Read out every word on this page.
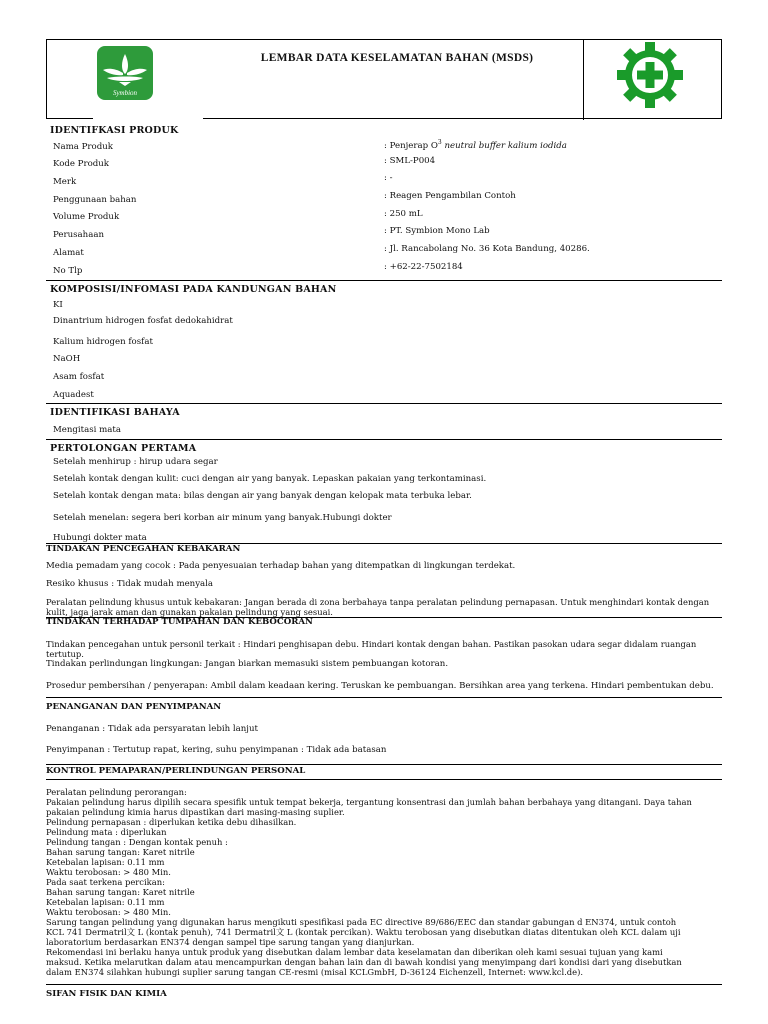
Symbion
LEMBAR DATA KESELAMATAN BAHAN (MSDS)
IDENTIFKASI PRODUK
Nama Produk	: Penjerap $O^3$ neutral buffer kalium iodida
Kode Produk	: SML-P004
Merk	: -
Penggunaan bahan	: Reagen Pengambilan Contoh
Volume Produk	: 250 mL
Perusahaan	: PT. Symbion Mono Lab
Alamat	: Jl. Rancabolang No. 36 Kota Bandung, 40286.
No Tlp	: +62-22-7502184
KOMPOSISI/INFOMASI PADA KANDUNGAN BAHAN
KI
Dinantrium hidrogen fosfat dedokahidrat
Kalium hidrogen fosfat
NaOH
Asam fosfat
Aquadest
IDENTIFIKASI BAHAYA
Mengitasi mata
PERTOLONGAN PERTAMA
Setelah menhirup : hirup udara segar
Setelah kontak dengan kulit: cuci dengan air yang banyak. Lepaskan pakaian yang terkontaminasi.
Setelah kontak dengan mata: bilas dengan air yang banyak dengan kelopak mata terbuka lebar.
Setelah menelan: segera beri korban air minum yang banyak.Hubungi dokter
Hubungi dokter mata
TINDAKAN PENCEGAHAN KEBAKARAN
Media pemadam yang cocok : Pada penyesuaian terhadap bahan yang ditempatkan di lingkungan terdekat.
Resiko khusus : Tidak mudah menyala
Peralatan pelindung khusus untuk kebakaran: Jangan berada di zona berbahaya tanpa peralatan pelindung pernapasan. Untuk menghindari kontak dengan kulit, jaga jarak aman dan gunakan pakaian pelindung yang sesuai.
TINDAKAN TERHADAP TUMPAHAN DAN KEBOCORAN
Tindakan pencegahan untuk personil terkait : Hindari penghisapan debu. Hindari kontak dengan bahan. Pastikan pasokan udara segar didalam ruangan tertutup.
Tindakan perlindungan lingkungan: Jangan biarkan memasuki sistem pembuangan kotoran.
Prosedur pembersihan / penyerapan: Ambil dalam keadaan kering. Teruskan ke pembuangan. Bersihkan area yang terkena. Hindari pembentukan debu.
PENANGANAN DAN PENYIMPANAN
Penanganan : Tidak ada persyaratan lebih lanjut
Penyimpanan : Tertutup rapat, kering, suhu penyimpanan : Tidak ada batasan
KONTROL PEMAPARAN/PERLINDUNGAN PERSONAL
Peralatan pelindung perorangan:
Pakaian pelindung harus dipilih secara spesifik untuk tempat bekerja, tergantung konsentrasi dan jumlah bahan berbahaya yang ditangani. Daya tahan
pakaian pelindung kimia harus dipastikan dari masing-masing suplier.
Pelindung pernapasan : diperlukan ketika debu dihasilkan.
Pelindung mata : diperlukan
Pelindung tangan : Dengan kontak penuh :
Bahan sarung tangan: Karet nitrile
Ketebalan lapisan: 0.11 mm
Waktu terobosan: > 480 Min.
Pada saat terkena percikan:
Bahan sarung tangan: Karet nitrile
Ketebalan lapisan: 0.11 mm
Waktu terobosan: > 480 Min.
Sarung tangan pelindung yang digunakan harus mengikuti spesifikasi pada EC directive 89/686/EEC dan standar gabungan d EN374, untuk contoh
KCL 741 Dermatril文 L (kontak penuh), 741 Dermatril文 L (kontak percikan). Waktu terobosan yang disebutkan diatas ditentukan oleh KCL dalam uji
laboratorium berdasarkan EN374 dengan sampel tipe sarung tangan yang dianjurkan.
Rekomendasi ini berlaku hanya untuk produk yang disebutkan dalam lembar data keselamatan dan diberikan oleh kami sesuai tujuan yang kami
maksud. Ketika melarutkan dalam atau mencampurkan dengan bahan lain dan di bawah kondisi yang menyimpang dari kondisi dari yang disebutkan
dalam EN374 silahkan hubungi suplier sarung tangan CE-resmi (misal KCLGmbH, D-36124 Eichenzell, Internet: www.kcl.de).
SIFAN FISIK DAN KIMIA
